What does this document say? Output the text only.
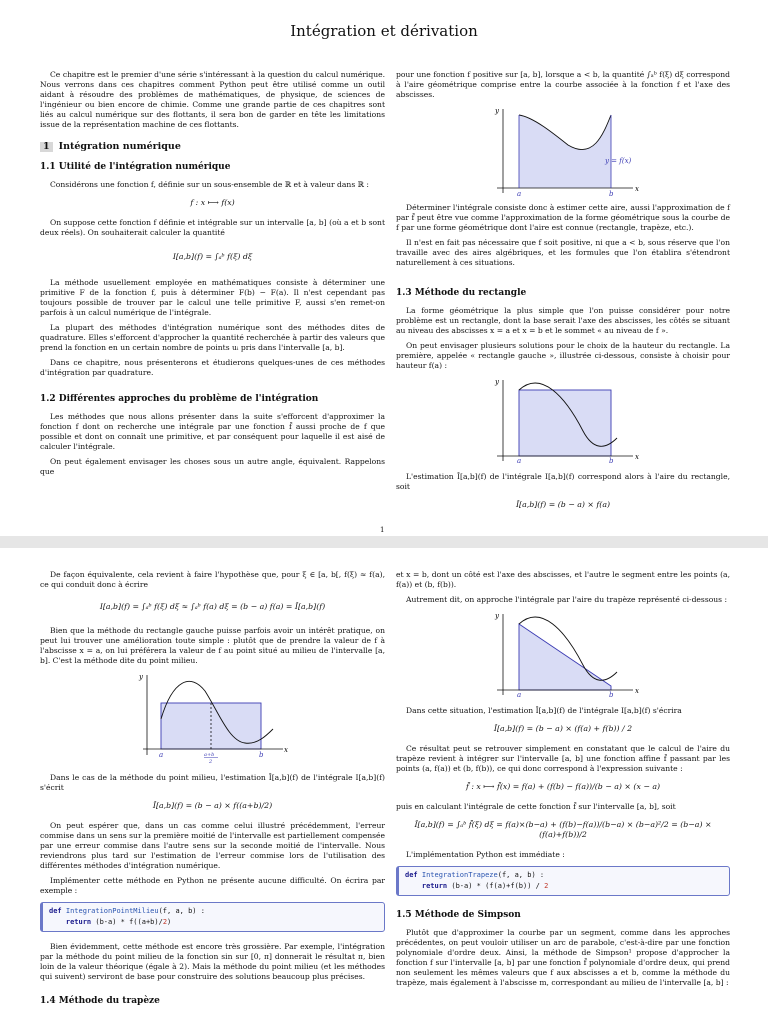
Intégration et dérivation

Ce chapitre est le premier d'une série s'intéressant à la question du calcul numérique. Nous verrons dans ces chapitres comment Python peut être utilisé comme un outil aidant à résoudre des problèmes de mathématiques, de physique, de sciences de l'ingénieur ou bien encore de chimie. Comme une grande partie de ces chapitres sont liés au calcul numérique sur des flottants, il sera bon de garder en tête les limitations issue de la représentation machine de ces flottants.

1 Intégration numérique
1.1 Utilité de l'intégration numérique

Considérons une fonction f, définie sur un sous-ensemble de ℝ et à valeur dans ℝ :

f : x ⟼ f(x)

On suppose cette fonction f définie et intégrable sur un intervalle [a, b] (où a et b sont deux réels). On souhaiterait calculer la quantité

I[a,b](f) = ∫ₐᵇ f(ξ) dξ

La méthode usuellement employée en mathématiques consiste à déterminer une primitive F de la fonction f, puis à déterminer F(b) − F(a). Il n'est cependant pas toujours possible de trouver par le calcul une telle primitive F, aussi s'en remet-on parfois à un calcul numérique de l'intégrale.

La plupart des méthodes d'intégration numérique sont des méthodes dites de quadrature. Elles s'efforcent d'approcher la quantité recherchée à partir des valeurs que prend la fonction en un certain nombre de points uᵢ pris dans l'intervalle [a, b].

Dans ce chapitre, nous présenterons et étudierons quelques-unes de ces méthodes d'intégration par quadrature.

1.2 Différentes approches du problème de l'intégration

Les méthodes que nous allons présenter dans la suite s'efforcent d'approximer la fonction f dont on recherche une intégrale par une fonction f̄ aussi proche de f que possible et dont on connaît une primitive, et par conséquent pour laquelle il est aisé de calculer l'intégrale.

On peut également envisager les choses sous un autre angle, équivalent. Rappelons que

pour une fonction f positive sur [a, b], lorsque a < b, la quantité ∫ₐᵇ f(ξ) dξ correspond à l'aire géométrique comprise entre la courbe associée à la fonction f et l'axe des abscisses.

y
x
a	b
y = f(x)

Déterminer l'intégrale consiste donc à estimer cette aire, aussi l'approximation de f par f̄ peut être vue comme l'approximation de la forme géométrique sous la courbe de f par une forme géométrique dont l'aire est connue (rectangle, trapèze, etc.).

Il n'est en fait pas nécessaire que f soit positive, ni que a < b, sous réserve que l'on travaille avec des aires algébriques, et les formules que l'on établira s'étendront naturellement à ces situations.

1.3 Méthode du rectangle

La forme géométrique la plus simple que l'on puisse considérer pour notre problème est un rectangle, dont la base serait l'axe des abscisses, les côtés se situant au niveau des abscisses x = a et x = b et le sommet « au niveau de f ».

On peut envisager plusieurs solutions pour le choix de la hauteur du rectangle. La première, appelée « rectangle gauche », illustrée ci-dessous, consiste à choisir pour hauteur f(a) :

y
x
a	b

L'estimation Î[a,b](f) de l'intégrale I[a,b](f) correspond alors à l'aire du rectangle, soit

Î[a,b](f) = (b − a) × f(a)
1

De façon équivalente, cela revient à faire l'hypothèse que, pour ξ ∈ [a, b[, f(ξ) ≈ f(a), ce qui conduit donc à écrire

I[a,b](f) = ∫ₐᵇ f(ξ) dξ ≈ ∫ₐᵇ f(a) dξ = (b − a) f(a) = Î[a,b](f)

Bien que la méthode du rectangle gauche puisse parfois avoir un intérêt pratique, on peut lui trouver une amélioration toute simple : plutôt que de prendre la valeur de f à l'abscisse x = a, on lui préférera la valeur de f au point situé au milieu de l'intervalle [a, b]. C'est la méthode dite du point milieu.

y
x
a	b
a+b
2

Dans le cas de la méthode du point milieu, l'estimation Î[a,b](f) de l'intégrale I[a,b](f) s'écrit

Î[a,b](f) = (b − a) × f((a+b)/2)

On peut espérer que, dans un cas comme celui illustré précédemment, l'erreur commise dans un sens sur la première moitié de l'intervalle est partiellement compensée par une erreur commise dans l'autre sens sur la seconde moitié de l'intervalle. Nous reviendrons plus tard sur l'estimation de l'erreur commise lors de l'utilisation des différentes méthodes d'intégration numérique.

Implémenter cette méthode en Python ne présente aucune difficulté. On écrira par exemple :

def IntegrationPointMilieu(f, a, b) :
return (b-a) * f((a+b)/2)

Bien évidemment, cette méthode est encore très grossière. Par exemple, l'intégration par la méthode du point milieu de la fonction sin sur [0, π] donnerait le résultat π, bien loin de la valeur théorique (égale à 2). Mais la méthode du point milieu (et les méthodes qui suivent) serviront de base pour construire des solutions beaucoup plus précises.

1.4 Méthode du trapèze

et x = b, dont un côté est l'axe des abscisses, et l'autre le segment entre les points (a, f(a)) et (b, f(b)).

Autrement dit, on approche l'intégrale par l'aire du trapèze représenté ci-dessous :

y
x
a	b

Dans cette situation, l'estimation Î[a,b](f) de l'intégrale I[a,b](f) s'écrira

Î[a,b](f) = (b − a) × (f(a) + f(b)) / 2

Ce résultat peut se retrouver simplement en constatant que le calcul de l'aire du trapèze revient à intégrer sur l'intervalle [a, b] une fonction affine f̄ passant par les points (a, f(a)) et (b, f(b)), ce qui donc correspond à l'expression suivante :

f̄ : x ⟼ f̄(x) = f(a) + (f(b) − f(a))/(b − a) × (x − a)

puis en calculant l'intégrale de cette fonction f̄ sur l'intervalle [a, b], soit

Î[a,b](f) = ∫ₐᵇ f̄(ξ) dξ = f(a)×(b−a) + (f(b)−f(a))/(b−a) × (b−a)²/2 = (b−a) × (f(a)+f(b))/2

L'implémentation Python est immédiate :

def IntegrationTrapeze(f, a, b) :
return (b-a) * (f(a)+f(b)) / 2
1.5 Méthode de Simpson

Plutôt que d'approximer la courbe par un segment, comme dans les approches précédentes, on peut vouloir utiliser un arc de parabole, c'est-à-dire par une fonction polynomiale d'ordre deux. Ainsi, la méthode de Simpson¹ propose d'approcher la fonction f sur l'intervalle [a, b] par une fonction f̄ polynomiale d'ordre deux, qui prend non seulement les mêmes valeurs que f aux abscisses a et b, comme la méthode du trapèze, mais également à l'abscisse m, correspondant au milieu de l'intervalle [a, b] :
